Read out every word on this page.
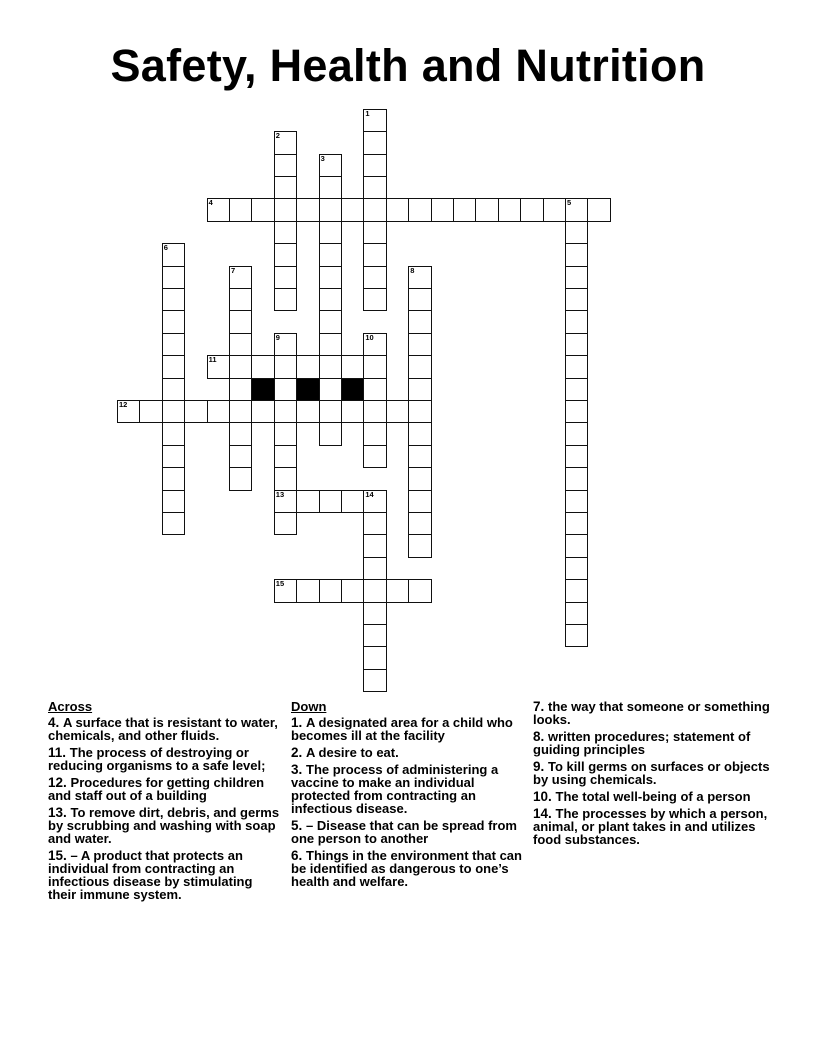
Safety, Health and Nutrition
1
2
3
4	5
6
7	8
9
13
10
11
12
14
15
Across
4. A surface that is resistant to water, chemicals, and other fluids.
11. The process of destroying or reducing organisms to a safe level;
12. Procedures for getting children and staff out of a building
13. To remove dirt, debris, and germs by scrubbing and washing with soap and water.
15. – A product that protects an individual from contracting an infectious disease by stimulating their immune system.
Down
1. A designated area for a child who becomes ill at the facility
2. A desire to eat.
3. The process of administering a vaccine to make an individual protected from contracting an infectious disease.
5. – Disease that can be spread from one person to another
6. Things in the environment that can be identified as dangerous to one’s health and welfare.
7. the way that someone or something looks.
8. written procedures; statement of guiding principles
9. To kill germs on surfaces or objects by using chemicals.
10. The total well-being of a person
14. The processes by which a person, animal, or plant takes in and utilizes food substances.
